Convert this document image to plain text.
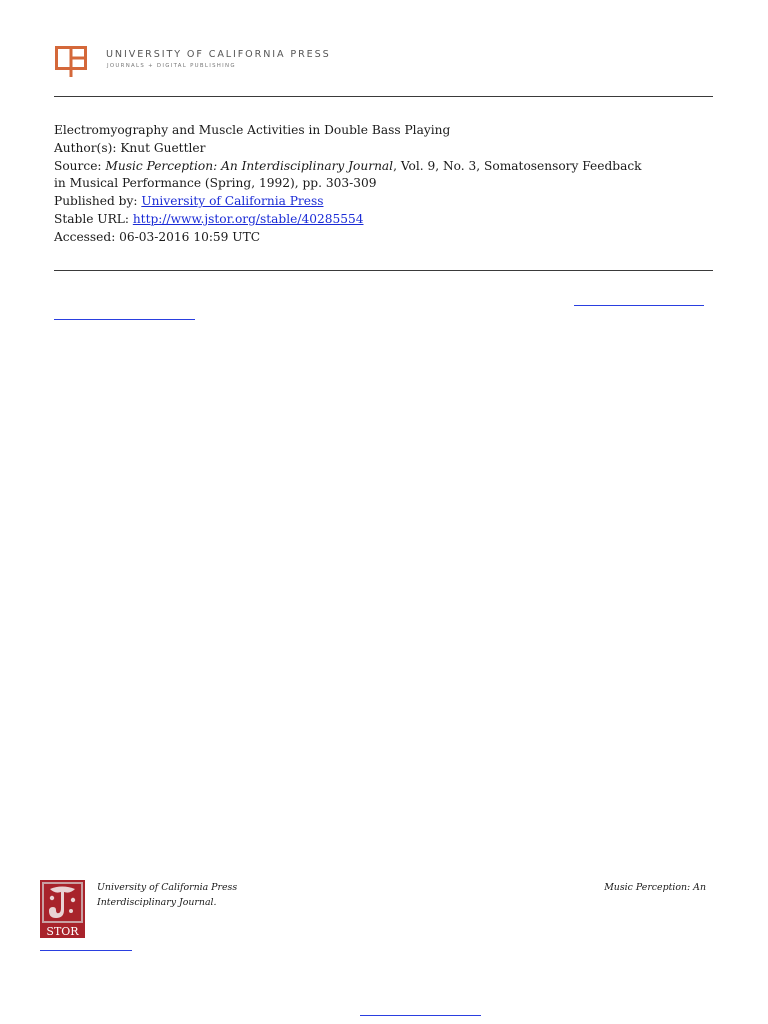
UNIVERSITY OF CALIFORNIA PRESS
JOURNALS + DIGITAL PUBLISHING
Electromyography and Muscle Activities in Double Bass Playing
Author(s): Knut Guettler
Source: Music Perception: An Interdisciplinary Journal, Vol. 9, No. 3, Somatosensory Feedback
in Musical Performance (Spring, 1992), pp. 303-309
Published by: University of California Press
Stable URL: http://www.jstor.org/stable/40285554
Accessed: 06-03-2016 10:59 UTC
STOR
University of California Press
Interdisciplinary Journal.
Music Perception: An
